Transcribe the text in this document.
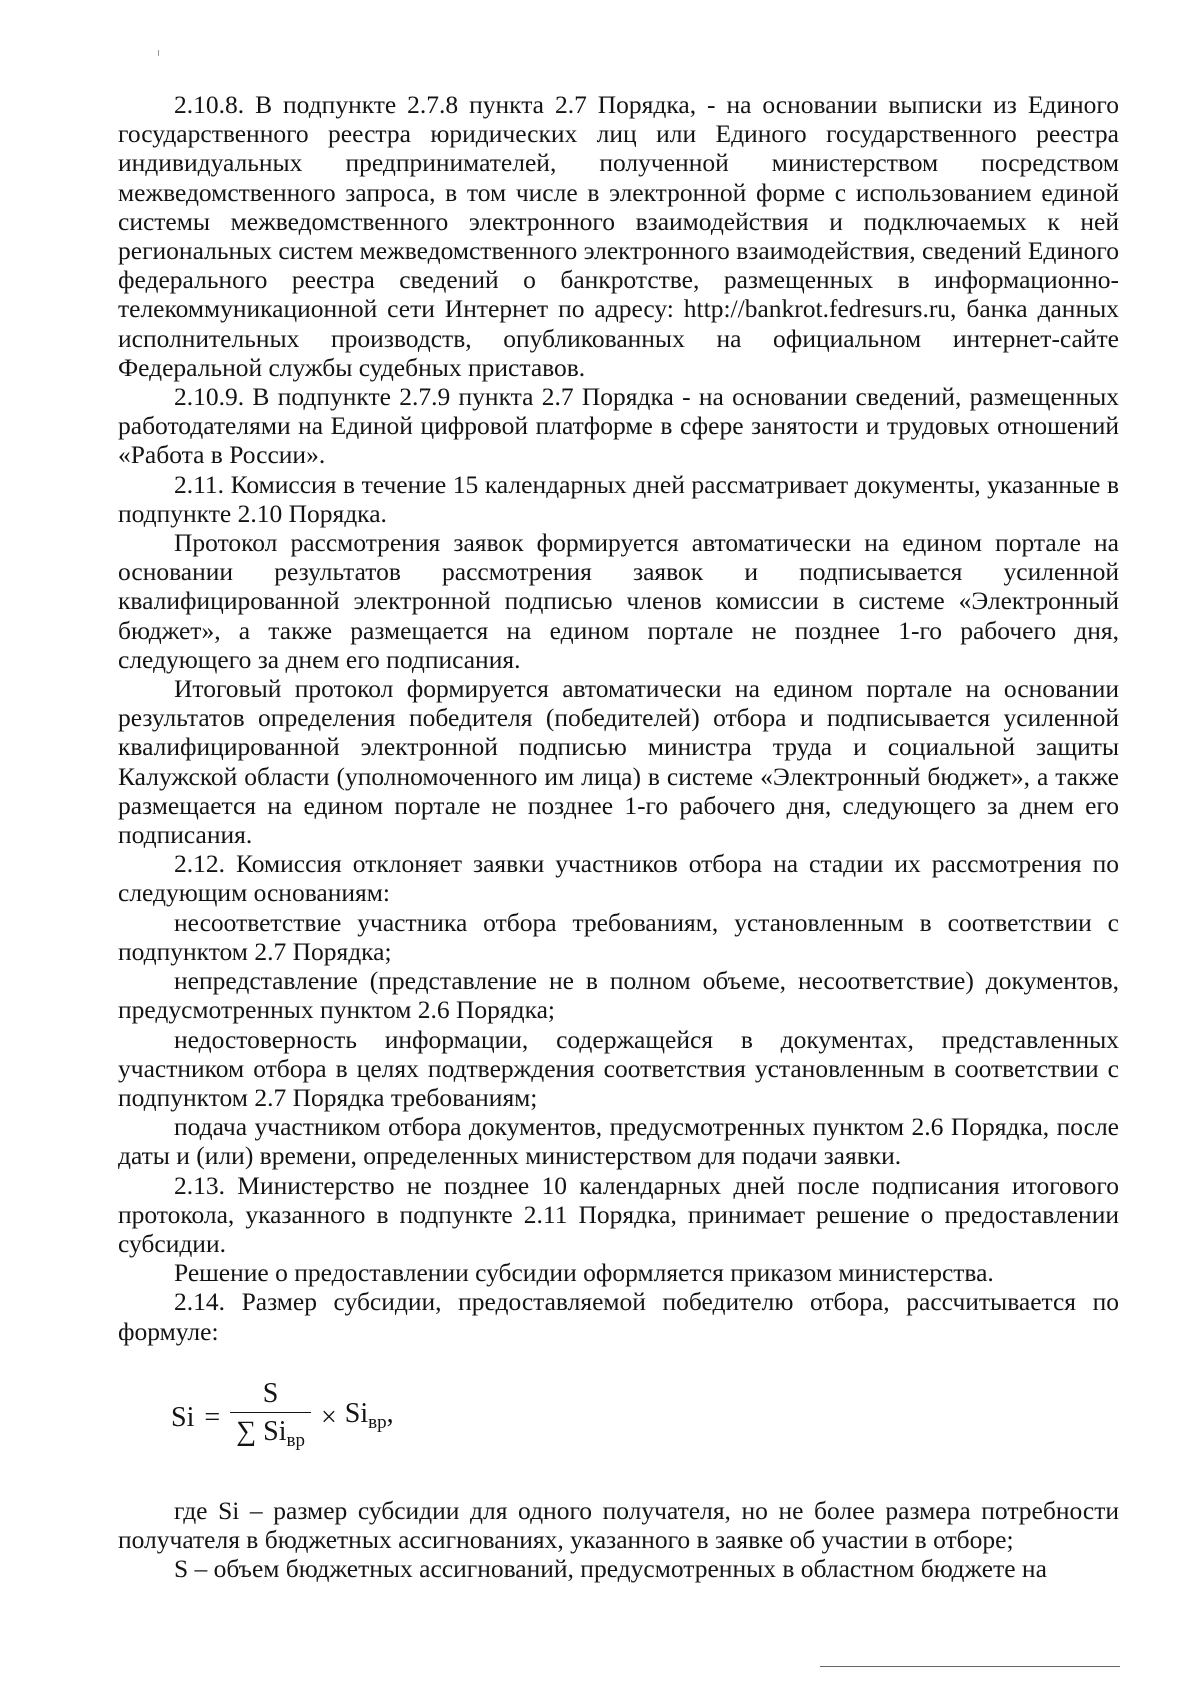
2.10.8. В подпункте 2.7.8 пункта 2.7 Порядка, - на основании выписки из Единого государственного реестра юридических лиц или Единого государственного реестра индивидуальных предпринимателей, полученной министерством посредством межведомственного запроса, в том числе в электронной форме с использованием единой системы межведомственного электронного взаимодействия и подключаемых к ней региональных систем межведомственного электронного взаимодействия, сведений Единого федерального реестра сведений о банкротстве, размещенных в информационно-телекоммуникационной сети Интернет по адресу: http://bankrot.fedresurs.ru, банка данных исполнительных производств, опубликованных на официальном интернет-сайте Федеральной службы судебных приставов.

2.10.9. В подпункте 2.7.9 пункта 2.7 Порядка - на основании сведений, размещенных работодателями на Единой цифровой платформе в сфере занятости и трудовых отношений «Работа в России».

2.11. Комиссия в течение 15 календарных дней рассматривает документы, указанные в подпункте 2.10 Порядка.

Протокол рассмотрения заявок формируется автоматически на едином портале на основании результатов рассмотрения заявок и подписывается усиленной квалифицированной электронной подписью членов комиссии в системе «Электронный бюджет», а также размещается на едином портале не позднее 1-го рабочего дня, следующего за днем его подписания.

Итоговый протокол формируется автоматически на едином портале на основании результатов определения победителя (победителей) отбора и подписывается усиленной квалифицированной электронной подписью министра труда и социальной защиты Калужской области (уполномоченного им лица) в системе «Электронный бюджет», а также размещается на едином портале не позднее 1-го рабочего дня, следующего за днем его подписания.

2.12. Комиссия отклоняет заявки участников отбора на стадии их рассмотрения по следующим основаниям:

несоответствие участника отбора требованиям, установленным в соответствии с подпунктом 2.7 Порядка;

непредставление (представление не в полном объеме, несоответствие) документов, предусмотренных пунктом 2.6 Порядка;

недостоверность информации, содержащейся в документах, представленных участником отбора в целях подтверждения соответствия установленным в соответствии с подпунктом 2.7 Порядка требованиям;

подача участником отбора документов, предусмотренных пунктом 2.6 Порядка, после даты и (или) времени, определенных министерством для подачи заявки.

2.13. Министерство не позднее 10 календарных дней после подписания итогового протокола, указанного в подпункте 2.11 Порядка, принимает решение о предоставлении субсидии.

Решение о предоставлении субсидии оформляется приказом министерства.

2.14. Размер субсидии, предоставляемой победителю отбора, рассчитывается по формуле:

$Si = \frac{S}{\sum Si_{вр}} \times Si_{вр}$,

где Si – размер субсидии для одного получателя, но не более размера потребности получателя в бюджетных ассигнованиях, указанного в заявке об участии в отборе;

S – объем бюджетных ассигнований, предусмотренных в областном бюджете на
